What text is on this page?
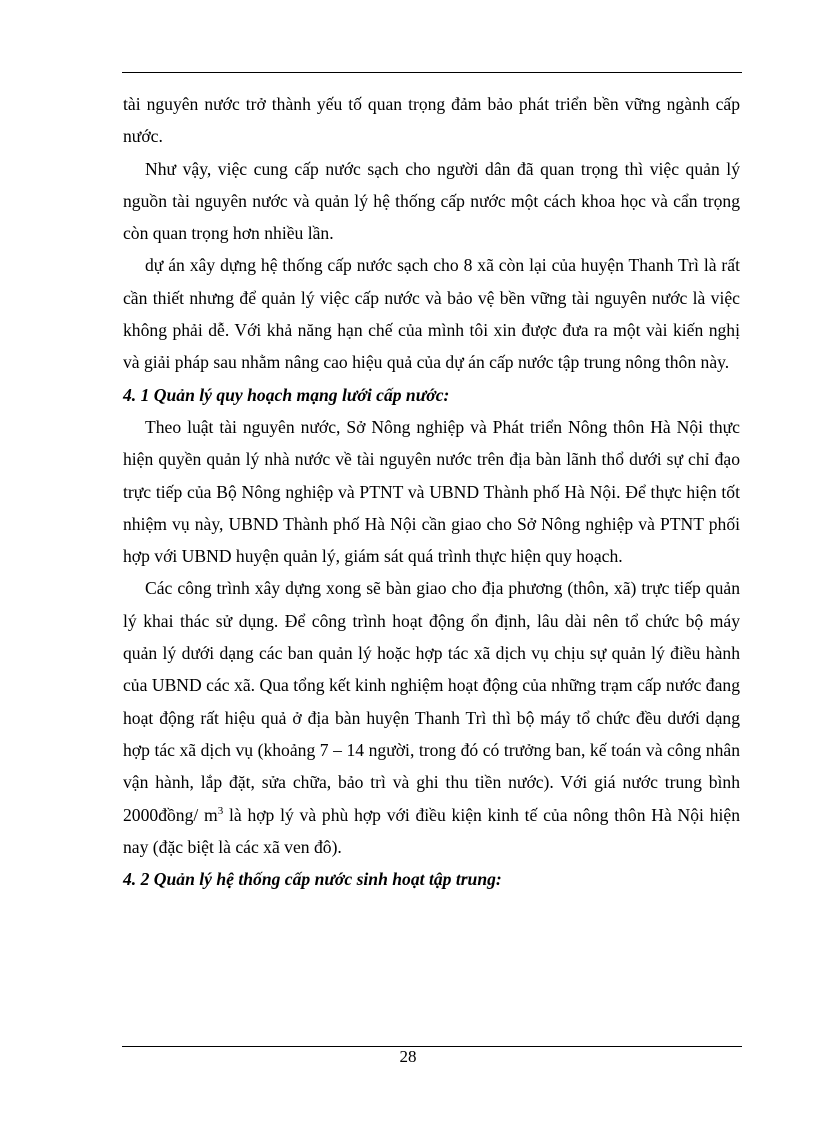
tài nguyên nước trở thành yếu tố quan trọng đảm bảo phát triển bền vững ngành cấp nước.

Như vậy, việc cung cấp nước sạch cho người dân đã quan trọng thì việc quản lý nguồn tài nguyên nước và quản lý hệ thống cấp nước một cách khoa học và cẩn trọng còn quan trọng hơn nhiều lần.

dự án xây dựng hệ thống cấp nước sạch cho 8 xã còn lại của huyện Thanh Trì là rất cần thiết nhưng để quản lý việc cấp nước và bảo vệ bền vững tài nguyên nước là việc không phải dễ. Với khả năng hạn chế của mình tôi xin được đưa ra một vài kiến nghị và giải pháp sau nhằm nâng cao hiệu quả của dự án cấp nước tập trung nông thôn này.

4. 1 Quản lý quy hoạch mạng lưới cấp nước:

Theo luật tài nguyên nước, Sở Nông nghiệp và Phát triển Nông thôn Hà Nội thực hiện quyền quản lý nhà nước về tài nguyên nước trên địa bàn lãnh thổ dưới sự chỉ đạo trực tiếp của Bộ Nông nghiệp và PTNT và UBND Thành phố Hà Nội. Để thực hiện tốt nhiệm vụ này, UBND Thành phố Hà Nội cần giao cho Sở Nông nghiệp và PTNT phối hợp với UBND huyện quản lý, giám sát quá trình thực hiện quy hoạch.

Các công trình xây dựng xong sẽ bàn giao cho địa phương (thôn, xã) trực tiếp quản lý khai thác sử dụng. Để công trình hoạt động ổn định, lâu dài nên tổ chức bộ máy quản lý dưới dạng các ban quản lý hoặc hợp tác xã dịch vụ chịu sự quản lý điều hành của UBND các xã. Qua tổng kết kinh nghiệm hoạt động của những trạm cấp nước đang hoạt động rất hiệu quả ở địa bàn huyện Thanh Trì thì bộ máy tổ chức đều dưới dạng hợp tác xã dịch vụ (khoảng 7 – 14 người, trong đó có trưởng ban, kế toán và công nhân vận hành, lắp đặt, sửa chữa, bảo trì và ghi thu tiền nước). Với giá nước trung bình 2000đồng/ $m^3$ là hợp lý và phù hợp với điều kiện kinh tế của nông thôn Hà Nội hiện nay (đặc biệt là các xã ven đô).

4. 2 Quản lý hệ thống cấp nước sinh hoạt tập trung:

28
